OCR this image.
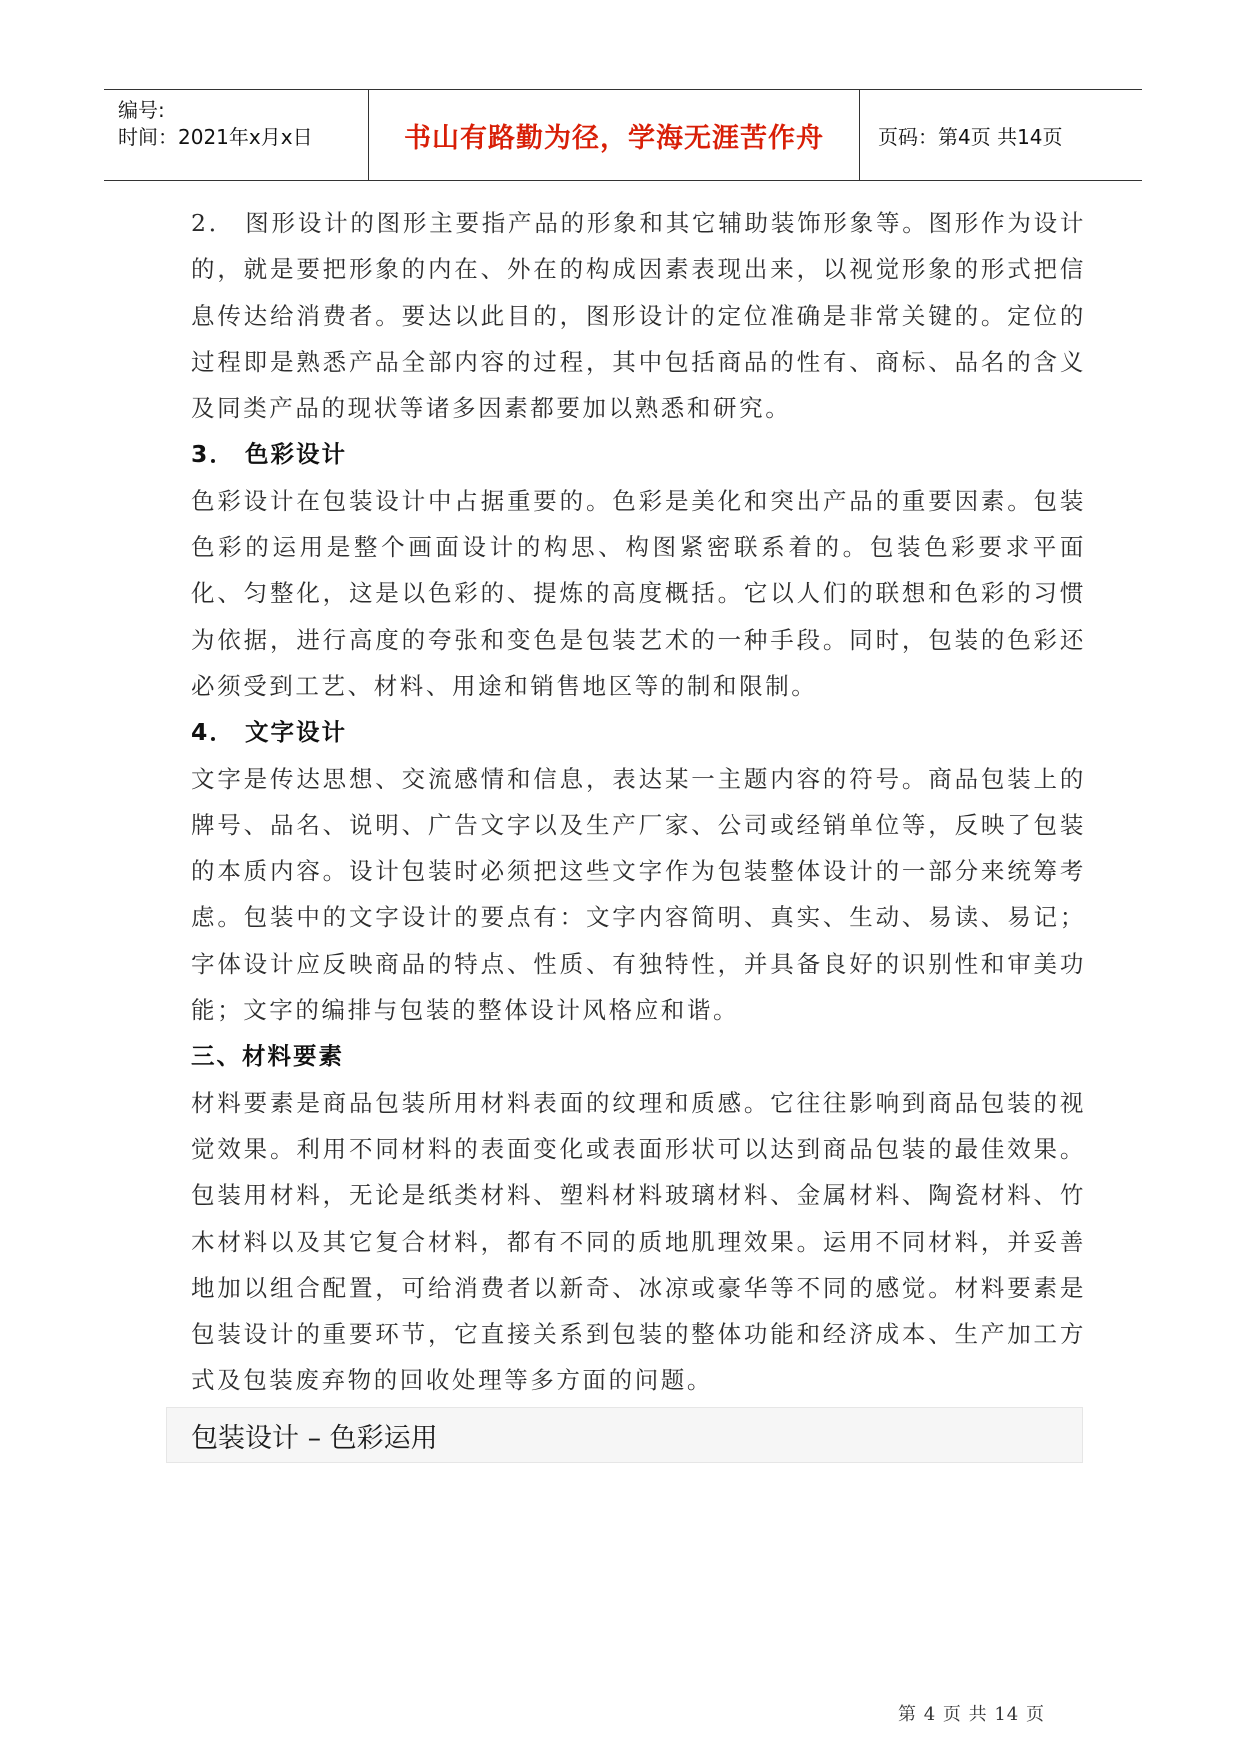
编号:
时间：2021年x月x日	书山有路勤为径，学海无涯苦作舟	页码：第4页 共14页

2． 图形设计的图形主要指产品的形象和其它辅助装饰形象等。图形作为设计的，就是要把形象的内在、外在的构成因素表现出来，以视觉形象的形式把信息传达给消费者。要达以此目的，图形设计的定位准确是非常关键的。定位的过程即是熟悉产品全部内容的过程，其中包括商品的性有、商标、品名的含义及同类产品的现状等诸多因素都要加以熟悉和研究。

3． 色彩设计

色彩设计在包装设计中占据重要的。色彩是美化和突出产品的重要因素。包装色彩的运用是整个画面设计的构思、构图紧密联系着的。包装色彩要求平面化、匀整化，这是以色彩的、提炼的高度概括。它以人们的联想和色彩的习惯为依据，进行高度的夸张和变色是包装艺术的一种手段。同时，包装的色彩还必须受到工艺、材料、用途和销售地区等的制和限制。

4． 文字设计

文字是传达思想、交流感情和信息，表达某一主题内容的符号。商品包装上的牌号、品名、说明、广告文字以及生产厂家、公司或经销单位等，反映了包装的本质内容。设计包装时必须把这些文字作为包装整体设计的一部分来统筹考虑。包装中的文字设计的要点有：文字内容简明、真实、生动、易读、易记；字体设计应反映商品的特点、性质、有独特性，并具备良好的识别性和审美功能；文字的编排与包装的整体设计风格应和谐。

三、材料要素

材料要素是商品包装所用材料表面的纹理和质感。它往往影响到商品包装的视觉效果。利用不同材料的表面变化或表面形状可以达到商品包装的最佳效果。包装用材料，无论是纸类材料、塑料材料玻璃材料、金属材料、陶瓷材料、竹木材料以及其它复合材料，都有不同的质地肌理效果。运用不同材料，并妥善地加以组合配置，可给消费者以新奇、冰凉或豪华等不同的感觉。材料要素是包装设计的重要环节，它直接关系到包装的整体功能和经济成本、生产加工方式及包装废弃物的回收处理等多方面的问题。

包装设计 – 色彩运用
第 4 页 共 14 页
